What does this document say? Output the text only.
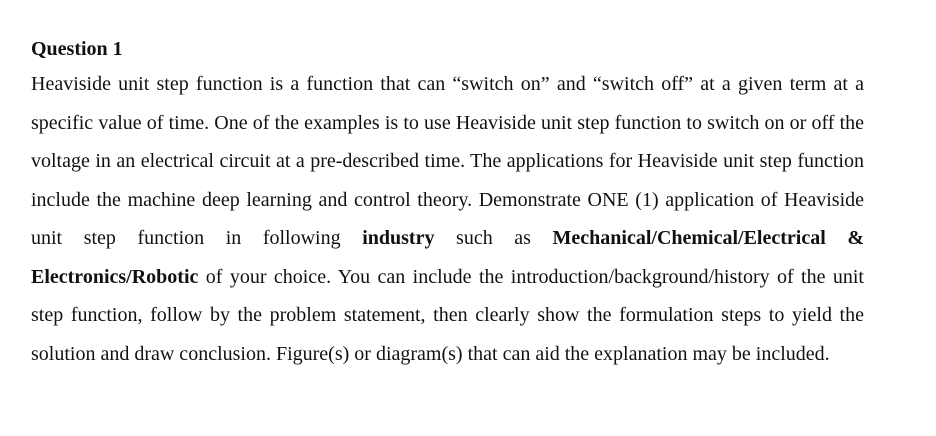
Question 1

Heaviside unit step function is a function that can “switch on” and “switch off” at a given term at a specific value of time. One of the examples is to use Heaviside unit step function to switch on or off the voltage in an electrical circuit at a pre-described time. The applications for Heaviside unit step function include the machine deep learning and control theory. Demonstrate ONE (1) application of Heaviside unit step function in following industry such as Mechanical/Chemical/Electrical & Electronics/Robotic of your choice. You can include the introduction/background/history of the unit step function, follow by the problem statement, then clearly show the formulation steps to yield the solution and draw conclusion. Figure(s) or diagram(s) that can aid the explanation may be included.
